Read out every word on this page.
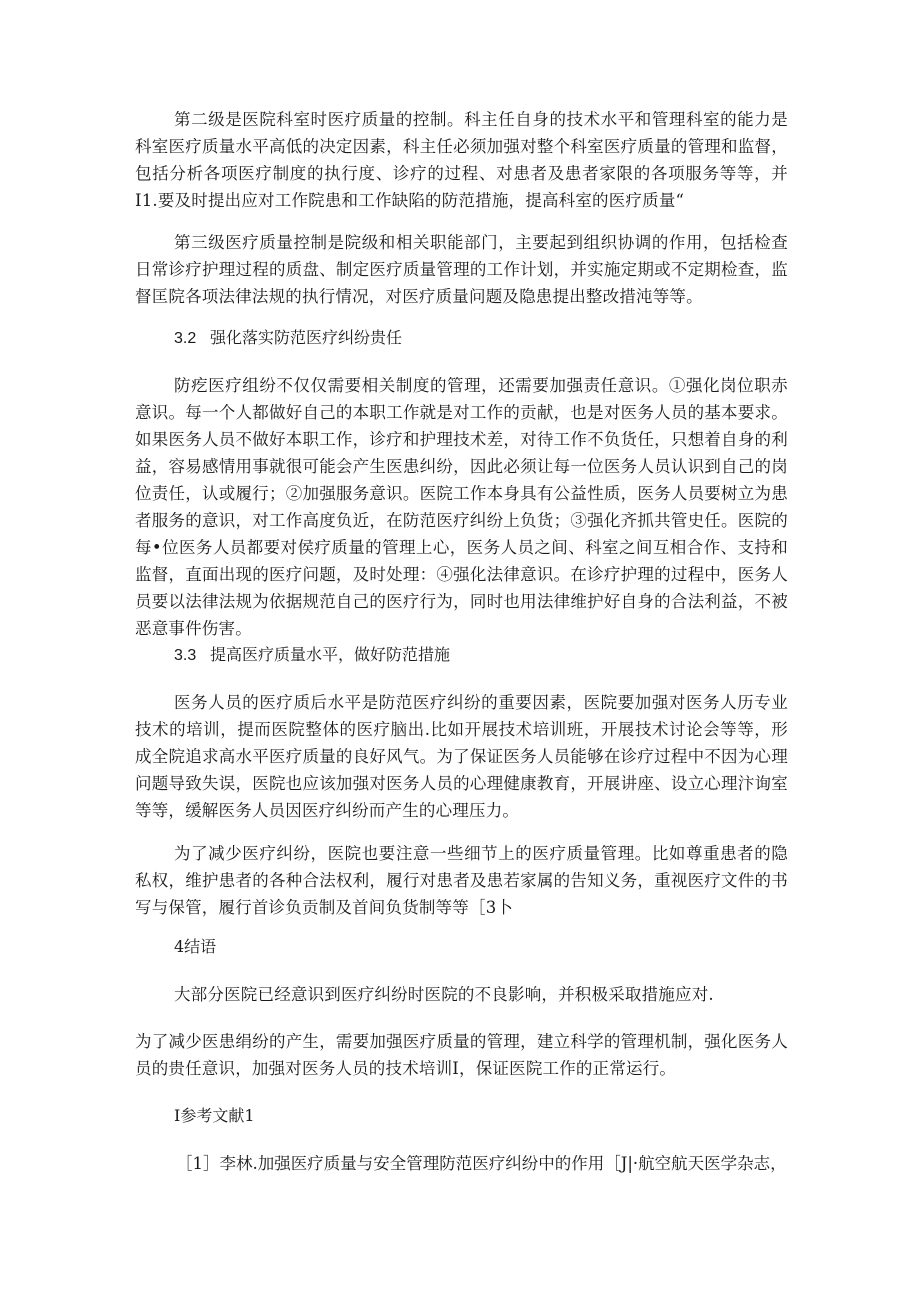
第二级是医院科室时医疗质量的控制。科主任自身的技术水平和管理科室的能力是科室医疗质量水平高低的决定因素，科主任必须加强对整个科室医疗质量的管理和监督，包括分析各项医疗制度的执行度、诊疗的过程、对患者及患者家限的各项服务等等，并I1.要及时提出应对工作院患和工作缺陷的防范措施，提高科室的医疗质量“

第三级医疗质量控制是院级和相关职能部门，主要起到组织协调的作用，包括检查日常诊疗护理过程的质盘、制定医疗质量管理的工作计划，并实施定期或不定期检查，监督匡院各项法律法规的执行情况，对医疗质量问题及隐患提出整改措沌等等。

3.2 强化落实防范医疗纠纷贵任

防疙医疗组纷不仅仅需要相关制度的管理，还需要加强责任意识。①强化岗位职赤意识。每一个人都做好自己的本职工作就是对工作的贡献，也是对医务人员的基本要求。如果医务人员不做好本职工作，诊疗和护理技术差，对待工作不负货任，只想着自身的利益，容易感情用事就很可能会产生医患纠纷，因此必须让每一位医务人员认识到自己的岗位责任，认或履行；②加强服务意识。医院工作本身具有公益性质，医务人员要树立为患者服务的意识，对工作高度负近，在防范医疗纠纷上负货；③强化齐抓共管史任。医院的每•位医务人员都要对侯疗质量的管理上心，医务人员之间、科室之间互相合作、支持和监督，直面出现的医疗问题，及时处理：④强化法律意识。在诊疗护理的过程中，医务人员要以法律法规为依据规范自己的医疗行为，同时也用法律维护好自身的合法利益，不被恶意事件伤害。

3.3 提高医疗质量水平，做好防范措施

医务人员的医疗质后水平是防范医疗纠纷的重要因素，医院要加强对医务人历专业技术的培训，提而医院整体的医疗脑出.比如开展技术培训班，开展技术讨论会等等，形成全院追求高水平医疗质量的良好风气。为了保证医务人员能够在诊疗过程中不因为心理问题导致失误，医院也应该加强对医务人员的心理健康教育，开展讲座、设立心理汴询室等等，缓解医务人员因医疗纠纷而产生的心理压力。

为了减少医疗纠纷，医院也要注意一些细节上的医疗质量管理。比如尊重患者的隐私权，维护患者的各种合法权利，履行对患者及患若家属的告知义务，重视医疗文件的书写与保管，履行首诊负贡制及首间负货制等等［3卜

4结语

大部分医院已经意识到医疗纠纷时医院的不良影响，并积极采取措施应对.

为了减少医患绢纷的产生，需要加强医疗质量的管理，建立科学的管理机制，强化医务人员的贵任意识，加强对医务人员的技术培训I，保证医院工作的正常运行。

I参考文献1

［1］李林.加强医疗质量与安全管理防范医疗纠纷中的作用［J|·航空航天医学杂志，
